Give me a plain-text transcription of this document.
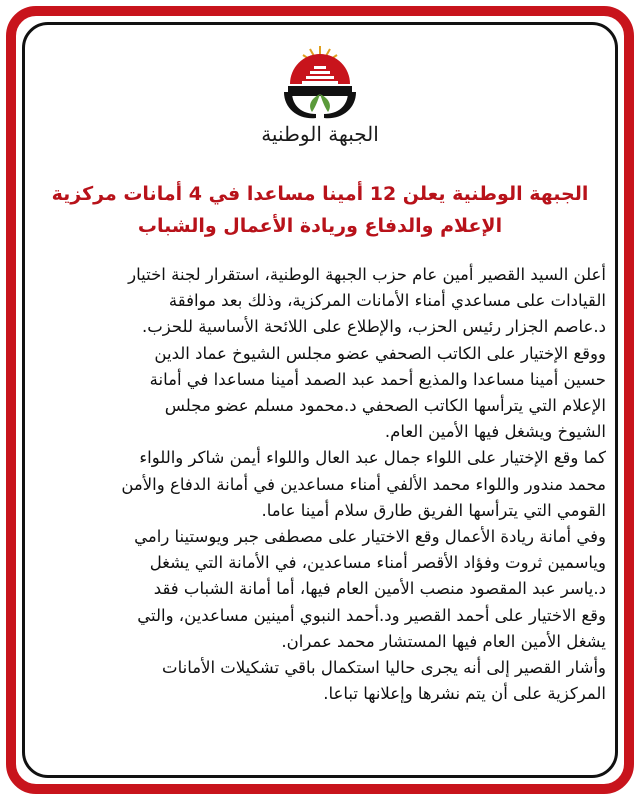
الجبهة الوطنية
الجبهة الوطنية يعلن 12 أمينا مساعدا في 4 أمانات مركزية
الإعلام والدفاع وريادة الأعمال والشباب
أعلن السيد القصير أمين عام حزب الجبهة الوطنية، استقرار لجنة اختيار
القيادات على مساعدي أمناء الأمانات المركزية، وذلك بعد موافقة
د.عاصم الجزار رئيس الحزب، والإطلاع على اللائحة الأساسية للحزب.
ووقع الإختيار على الكاتب الصحفي عضو مجلس الشيوخ عماد الدين
حسين أمينا مساعدا والمذيع أحمد عبد الصمد أمينا مساعدا في أمانة
الإعلام التي يترأسها الكاتب الصحفي د.محمود مسلم عضو مجلس
الشيوخ ويشغل فيها الأمين العام.
كما وقع الإختيار على اللواء جمال عبد العال واللواء أيمن شاكر واللواء
محمد مندور واللواء محمد الألفي أمناء مساعدين في أمانة الدفاع والأمن
القومي التي يترأسها الفريق طارق سلام أمينا عاما.
وفي أمانة ريادة الأعمال وقع الاختيار على مصطفى جبر ويوستينا رامي
وياسمين ثروت وفؤاد الأقصر أمناء مساعدين، في الأمانة التي يشغل
د.ياسر عبد المقصود منصب الأمين العام فيها، أما أمانة الشباب فقد
وقع الاختيار على أحمد القصير ود.أحمد النبوي أمينين مساعدين، والتي
يشغل الأمين العام فيها المستشار محمد عمران.
وأشار القصير إلى أنه يجرى حاليا استكمال باقي تشكيلات الأمانات
المركزية على أن يتم نشرها وإعلانها تباعا.
